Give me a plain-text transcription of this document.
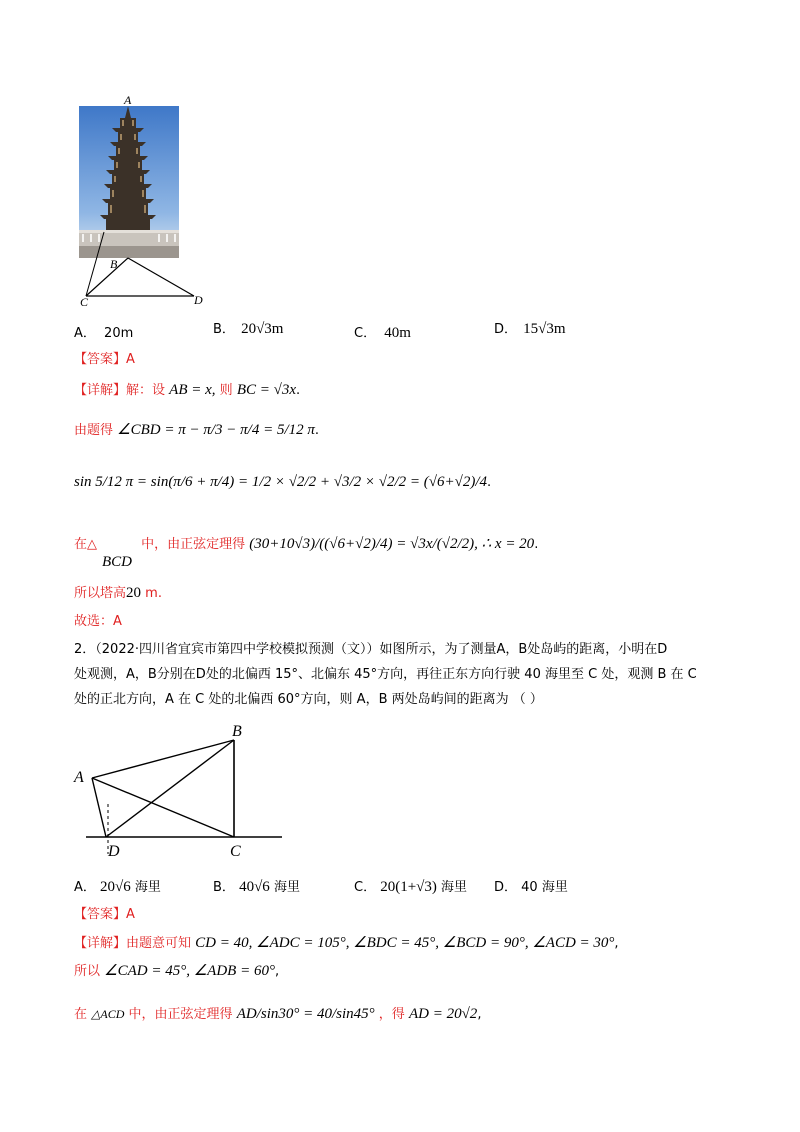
A
B
C	D
A． 20m	B． 20√3m	C． 40m	D． 15√3m
【答案】A
【详解】解：设 AB = x, 则 BC = √3x.
由题得 ∠CBD = π − π/3 − π/4 = 5/12 π.
sin 5/12 π = sin(π/6 + π/4) = 1/2 × √2/2 + √3/2 × √2/2 = (√6+√2)/4.
在△	中，由正弦定理得 (30+10√3)/((√6+√2)/4) = √3x/(√2/2), ∴ x = 20.
BCD
所以塔高20 m.
故选：A
2．（2022·四川省宜宾市第四中学校模拟预测（文））如图所示，为了测量A，B处岛屿的距离，小明在D
处观测，A，B分别在D处的北偏西 15°、北偏东 45°方向，再往正东方向行驶 40 海里至 C 处，观测 B 在 C
处的正北方向，A 在 C 处的北偏西 60°方向，则 A，B 两处岛屿间的距离为 （ ）
A
B
C
D
A． 20√6 海里	B． 40√6 海里	C． 20(1+√3) 海里 D． 40 海里
【答案】A
【详解】由题意可知 CD = 40, ∠ADC = 105°, ∠BDC = 45°, ∠BCD = 90°, ∠ACD = 30°,
所以 ∠CAD = 45°, ∠ADB = 60°,
在 △ACD 中，由正弦定理得 AD/sin30° = 40/sin45° ，得 AD = 20√2,
